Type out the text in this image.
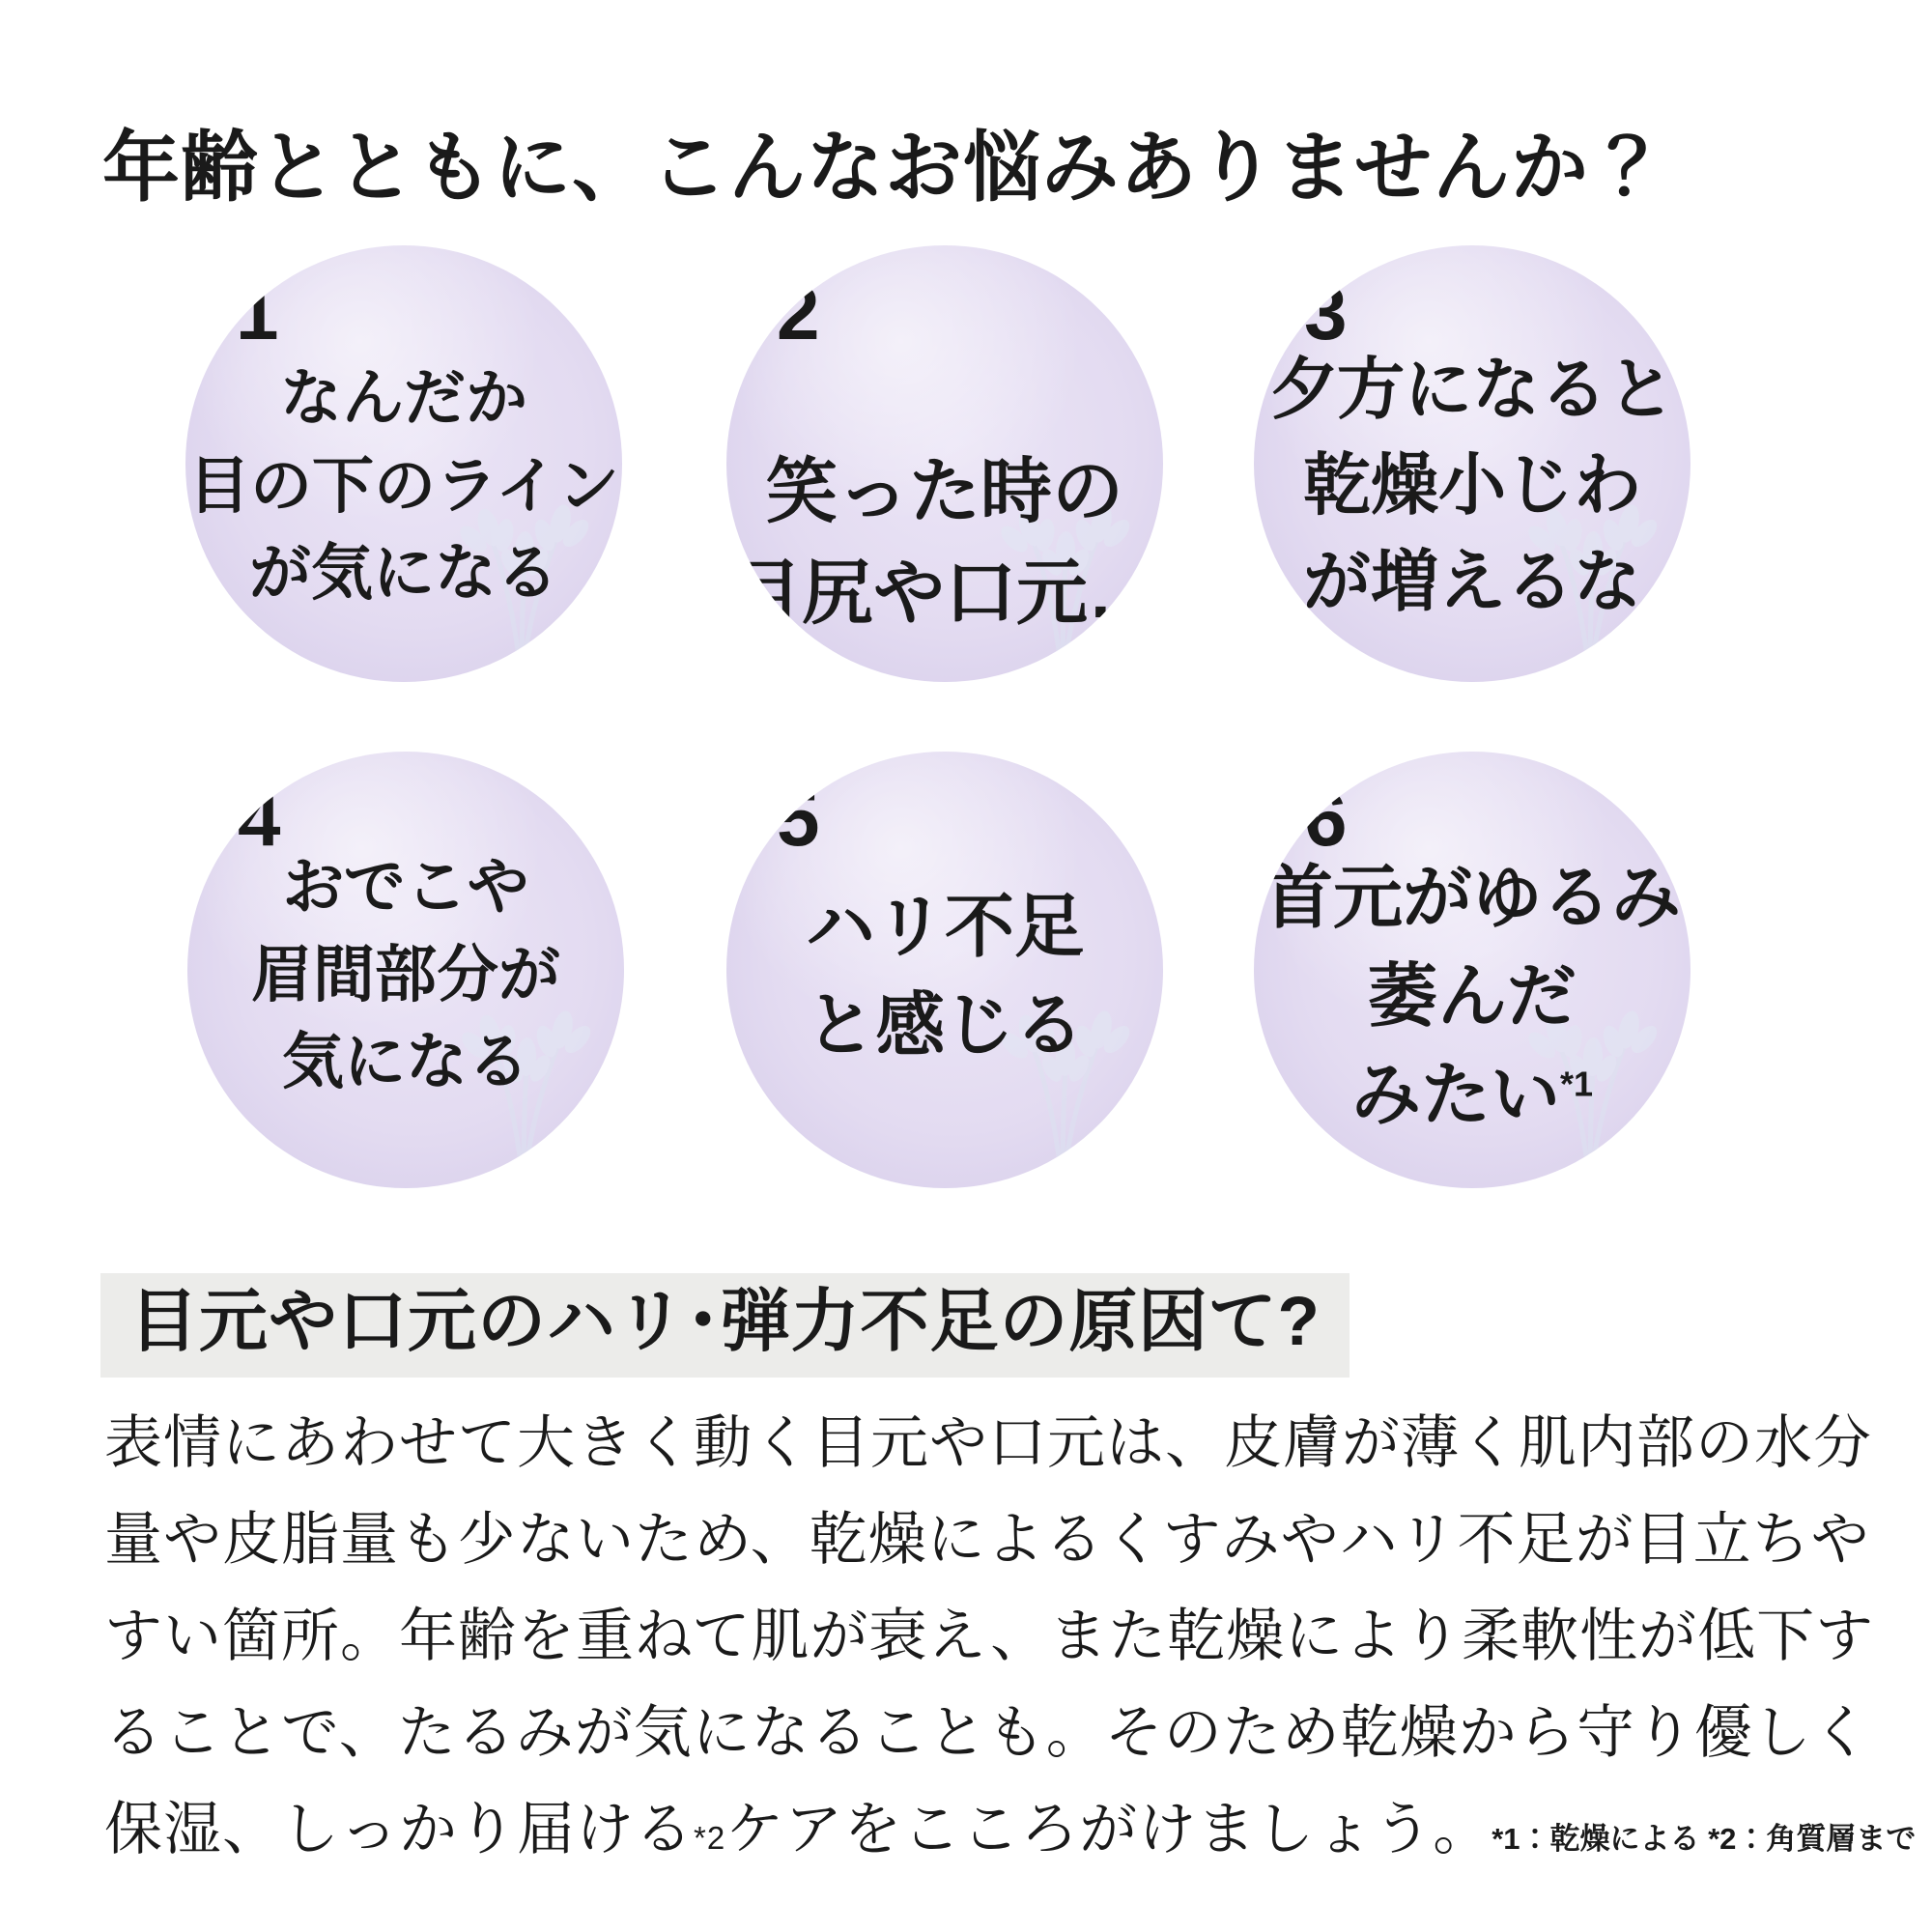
年齢とともに、こんなお悩みありませんか？
1
なんだか
目の下のライン
が気になる
2
笑った時の
目尻や口元…
3
夕方になると
乾燥小じわ
が増えるな
4
おでこや
眉間部分が
気になる
5
ハリ不足
と感じる
6
首元がゆるみ
萎んだ
みたい$^{*1}$
目元や口元のハリ･弾力不足の原因て?
表情にあわせて大きく動く目元や口元は、皮膚が薄く肌内部の水分
量や皮脂量も少ないため、乾燥によるくすみやハリ不足が目立ちや
すい箇所。年齢を重ねて肌が衰え、また乾燥により柔軟性が低下す
ることで、たるみが気になることも。そのため乾燥から守り優しく
保湿、しっかり届ける *2 ケアをこころがけましょう。 *1：乾燥による *2：角質層まで
